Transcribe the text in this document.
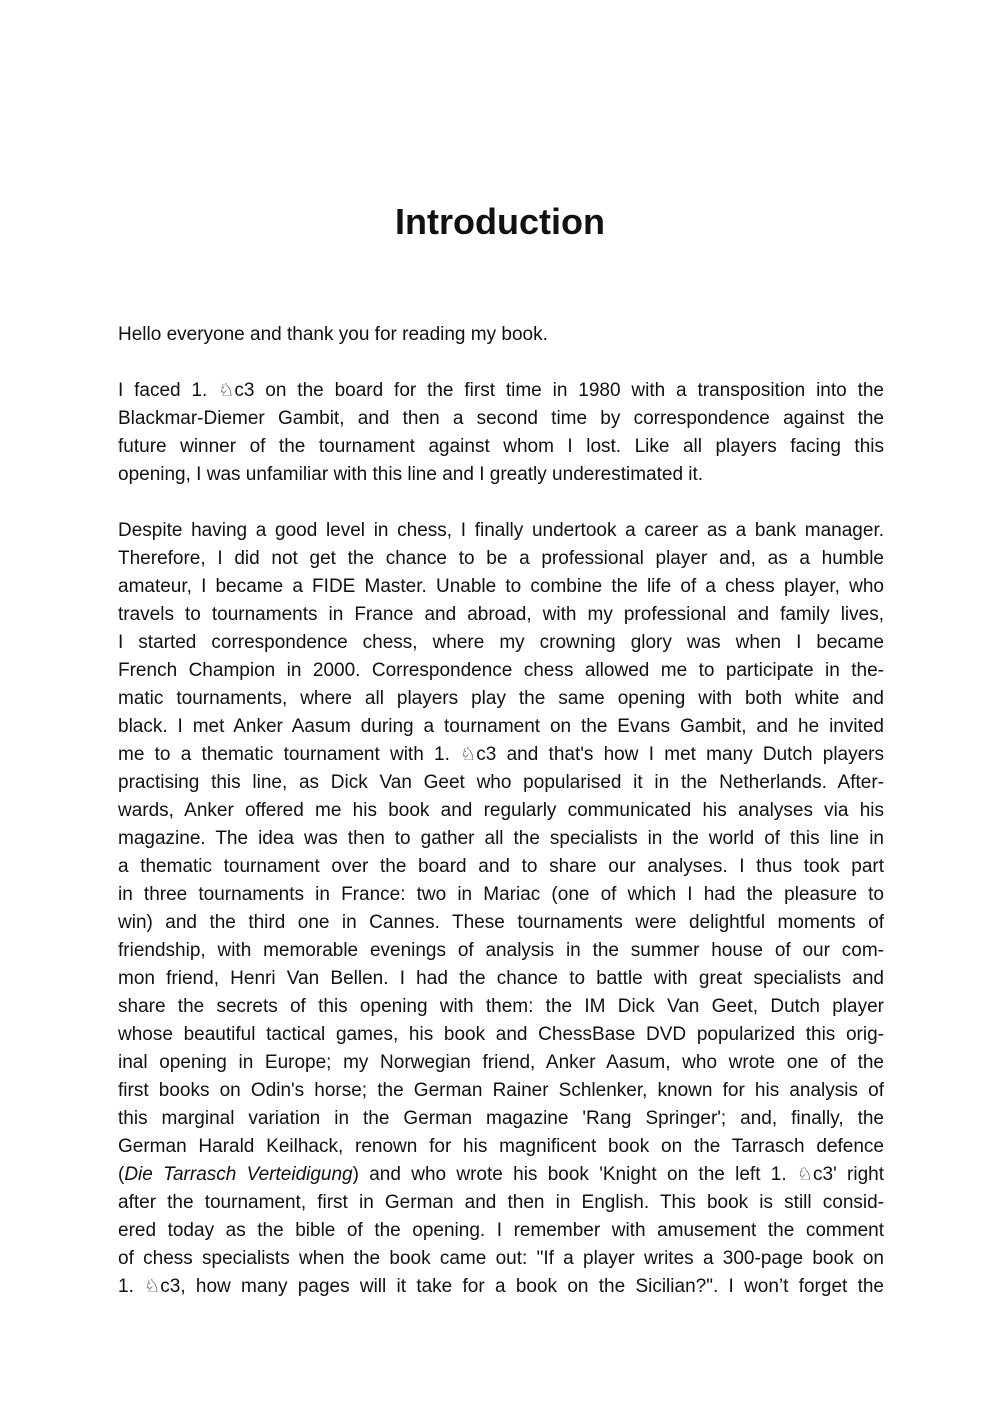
Introduction
Hello everyone and thank you for reading my book.
I faced 1. ♘c3 on the board for the first time in 1980 with a transposition into the
Blackmar-Diemer Gambit, and then a second time by correspondence against the
future winner of the tournament against whom I lost. Like all players facing this
opening, I was unfamiliar with this line and I greatly underestimated it.
Despite having a good level in chess, I finally undertook a career as a bank manager.
Therefore, I did not get the chance to be a professional player and, as a humble
amateur, I became a FIDE Master. Unable to combine the life of a chess player, who
travels to tournaments in France and abroad, with my professional and family lives,
I started correspondence chess, where my crowning glory was when I became
French Champion in 2000. Correspondence chess allowed me to participate in the-
matic tournaments, where all players play the same opening with both white and
black. I met Anker Aasum during a tournament on the Evans Gambit, and he invited
me to a thematic tournament with 1. ♘c3 and that's how I met many Dutch players
practising this line, as Dick Van Geet who popularised it in the Netherlands. After-
wards, Anker offered me his book and regularly communicated his analyses via his
magazine. The idea was then to gather all the specialists in the world of this line in
a thematic tournament over the board and to share our analyses. I thus took part
in three tournaments in France: two in Mariac (one of which I had the pleasure to
win) and the third one in Cannes. These tournaments were delightful moments of
friendship, with memorable evenings of analysis in the summer house of our com-
mon friend, Henri Van Bellen. I had the chance to battle with great specialists and
share the secrets of this opening with them: the IM Dick Van Geet, Dutch player
whose beautiful tactical games, his book and ChessBase DVD popularized this orig-
inal opening in Europe; my Norwegian friend, Anker Aasum, who wrote one of the
first books on Odin's horse; the German Rainer Schlenker, known for his analysis of
this marginal variation in the German magazine 'Rang Springer'; and, finally, the
German Harald Keilhack, renown for his magnificent book on the Tarrasch defence
(Die Tarrasch Verteidigung) and who wrote his book 'Knight on the left 1. ♘c3' right
after the tournament, first in German and then in English. This book is still consid-
ered today as the bible of the opening. I remember with amusement the comment
of chess specialists when the book came out: "If a player writes a 300-page book on
1. ♘c3, how many pages will it take for a book on the Sicilian?". I won’t forget the
